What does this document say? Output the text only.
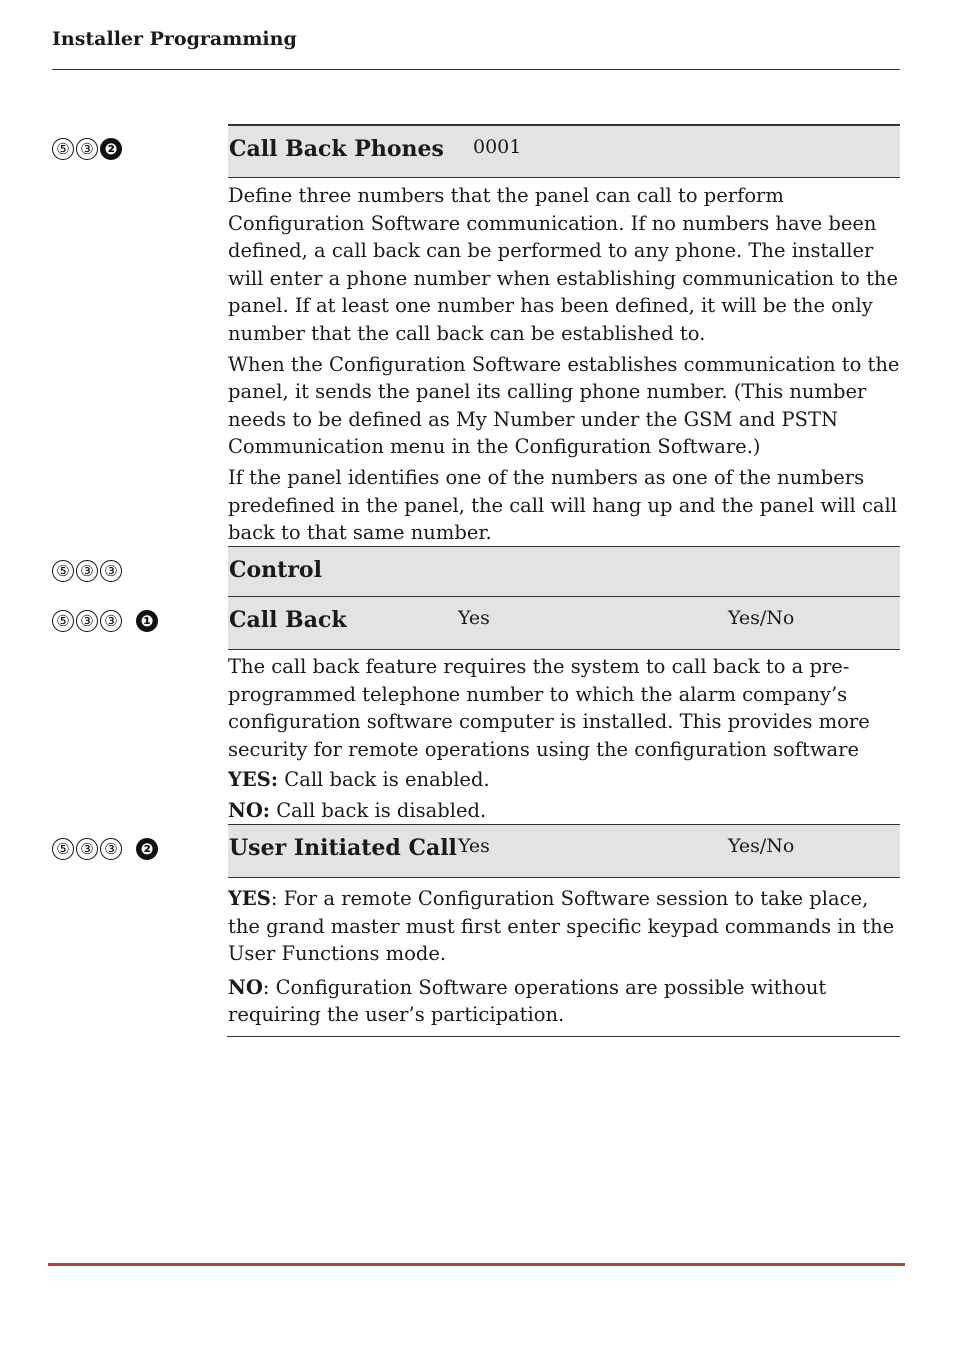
Installer Programming
⑤ ③ ❷	Call Back Phones 0001

Define three numbers that the panel can call to perform Configuration Software communication. If no numbers have been defined, a call back can be performed to any phone. The installer will enter a phone number when establishing communication to the panel. If at least one number has been defined, it will be the only number that the call back can be established to.

When the Configuration Software establishes communication to the panel, it sends the panel its calling phone number. (This number needs to be defined as My Number under the GSM and PSTN Communication menu in the Configuration Software.)

If the panel identifies one of the numbers as one of the numbers predefined in the panel, the call will hang up and the panel will call back to that same number.

⑤ ③ ③	Control
⑤ ③ ③	❶	Call Back	Yes	Yes/No

The call back feature requires the system to call back to a pre-programmed telephone number to which the alarm company’s configuration software computer is installed. This provides more security for remote operations using the configuration software

YES: Call back is enabled.

NO: Call back is disabled.

⑤ ③ ③	❷	User Initiated Call Yes	Yes/No

YES: For a remote Configuration Software session to take place, the grand master must first enter specific keypad commands in the User Functions mode.

NO: Configuration Software operations are possible without requiring the user’s participation.
